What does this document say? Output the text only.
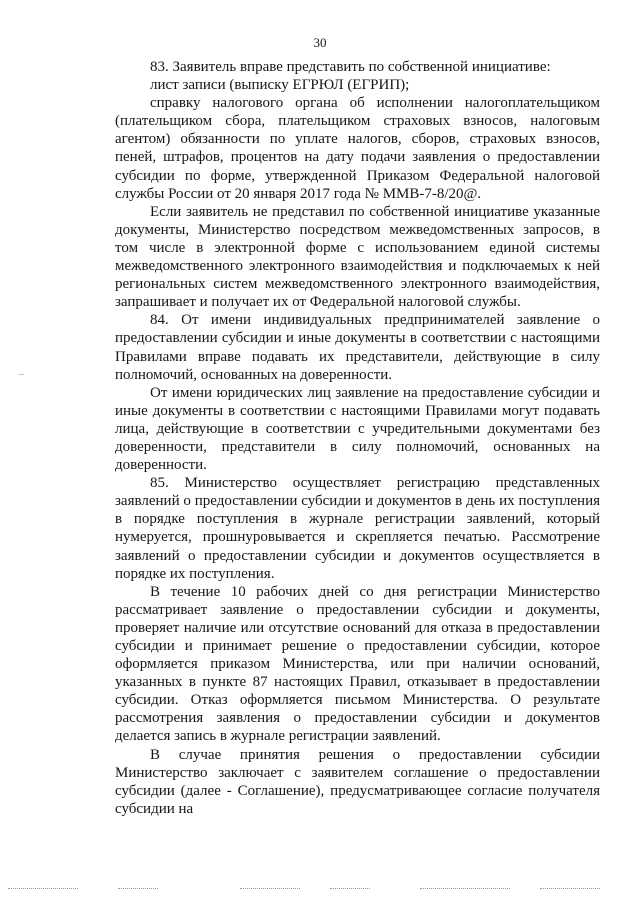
30

83. Заявитель вправе представить по собственной инициативе:

лист записи (выписку ЕГРЮЛ (ЕГРИП);

справку налогового органа об исполнении налогоплательщиком (плательщиком сбора, плательщиком страховых взносов, налоговым агентом) обязанности по уплате налогов, сборов, страховых взносов, пеней, штрафов, процентов на дату подачи заявления о предоставлении субсидии по форме, утвержденной Приказом Федеральной налоговой службы России от 20 января 2017 года № ММВ-7-8/20@.

Если заявитель не представил по собственной инициативе указанные документы, Министерство посредством межведомственных запросов, в том числе в электронной форме с использованием единой системы межведомственного электронного взаимодействия и подключаемых к ней региональных систем межведомственного электронного взаимодействия, запрашивает и получает их от Федеральной налоговой службы.

84. От имени индивидуальных предпринимателей заявление о предоставлении субсидии и иные документы в соответствии с настоящими Правилами вправе подавать их представители, действующие в силу полномочий, основанных на доверенности.

От имени юридических лиц заявление на предоставление субсидии и иные документы в соответствии с настоящими Правилами могут подавать лица, действующие в соответствии с учредительными документами без доверенности, представители в силу полномочий, основанных на доверенности.

85. Министерство осуществляет регистрацию представленных заявлений о предоставлении субсидии и документов в день их поступления в порядке поступления в журнале регистрации заявлений, который нумеруется, прошнуровывается и скрепляется печатью. Рассмотрение заявлений о предоставлении субсидии и документов осуществляется в порядке их поступления.

В течение 10 рабочих дней со дня регистрации Министерство рассматривает заявление о предоставлении субсидии и документы, проверяет наличие или отсутствие оснований для отказа в предоставлении субсидии и принимает решение о предоставлении субсидии, которое оформляется приказом Министерства, или при наличии оснований, указанных в пункте 87 настоящих Правил, отказывает в предоставлении субсидии. Отказ оформляется письмом Министерства. О результате рассмотрения заявления о предоставлении субсидии и документов делается запись в журнале регистрации заявлений.

В случае принятия решения о предоставлении субсидии Министерство заключает с заявителем соглашение о предоставлении субсидии (далее - Соглашение), предусматривающее согласие получателя субсидии на
